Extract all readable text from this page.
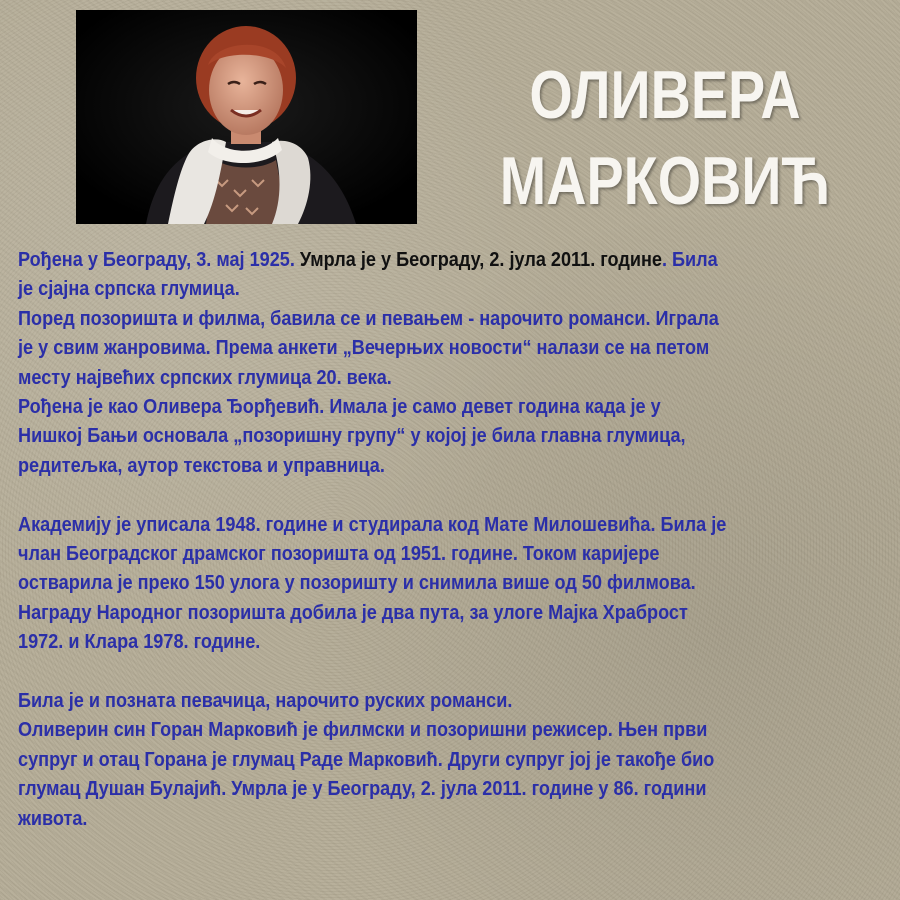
ОЛИВЕРА
МАРКОВИЋ

Рођена у Београду, 3. мај 1925. Умрла је у Београду, 2. јула 2011. године. Била

је сјајна српска глумица.

Поред позоришта и филма, бавила се и певањем - нарочито романси. Играла

је у свим жанровима. Према анкети „Вечерњих новости“ налази се на петом

месту највећих српских глумица 20. века.

Рођена је као Оливера Ђорђевић. Имала је само девет година када је у

Нишкој Бањи основала „позоришну групу“ у којој је била главна глумица,

редитељка, аутор текстова и управница.

Академију је уписала 1948. године и студирала код Мате Милошевића. Била је

члан Београдског драмског позоришта од 1951. године. Током каријере

остварила је преко 150 улога у позоришту и снимила више од 50 филмова.

Награду Народног позоришта добила је два пута, за улоге Мајка Храброст

1972. и Клара 1978. године.

Била је и позната певачица, нарочито руских романси.

Оливерин син Горан Марковић је филмски и позоришни режисер. Њен први

супруг и отац Горана је глумац Раде Марковић. Други супруг јој је такође био

глумац Душан Булајић. Умрла је у Београду, 2. јула 2011. године у 86. години

живота.
